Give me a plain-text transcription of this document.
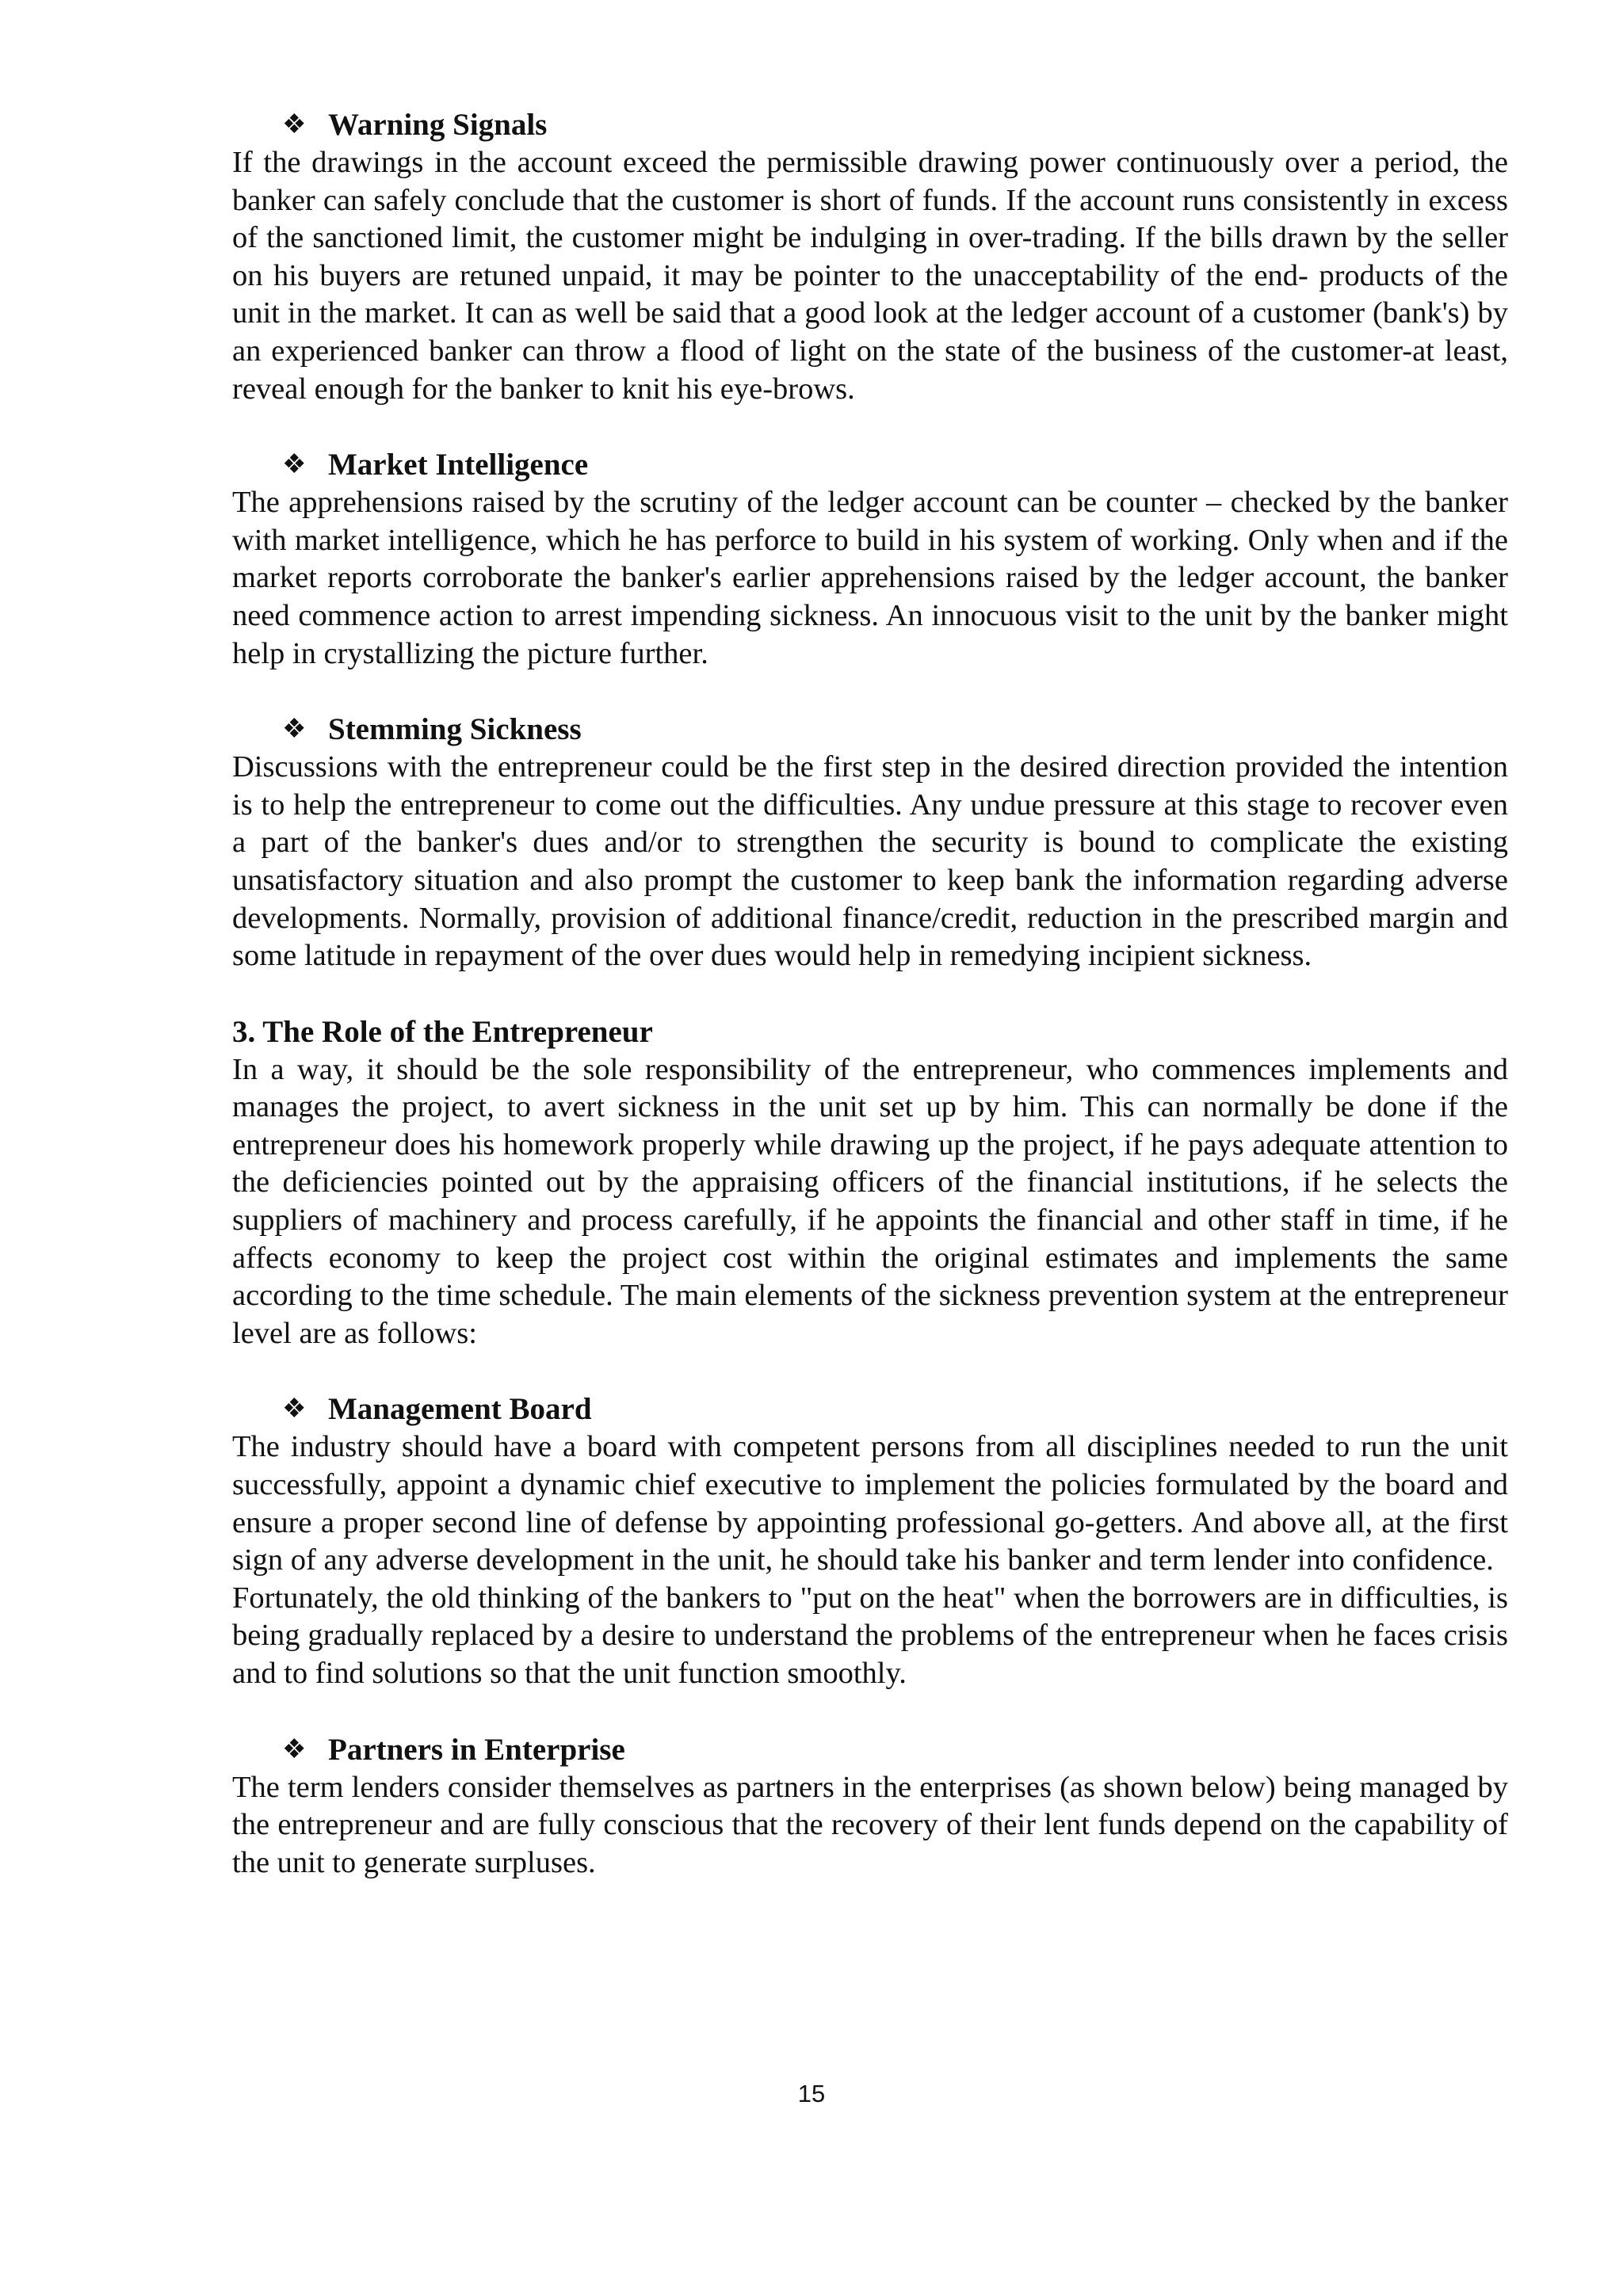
❖ Warning Signals

If the drawings in the account exceed the permissible drawing power continuously over a period, the banker can safely conclude that the customer is short of funds. If the account runs consistently in excess of the sanctioned limit, the customer might be indulging in over-trading. If the bills drawn by the seller on his buyers are retuned unpaid, it may be pointer to the unacceptability of the end- products of the unit in the market. It can as well be said that a good look at the ledger account of a customer (bank's) by an experienced banker can throw a flood of light on the state of the business of the customer-at least, reveal enough for the banker to knit his eye-brows.

❖ Market Intelligence

The apprehensions raised by the scrutiny of the ledger account can be counter – checked by the banker with market intelligence, which he has perforce to build in his system of working. Only when and if the market reports corroborate the banker's earlier apprehensions raised by the ledger account, the banker need commence action to arrest impending sickness. An innocuous visit to the unit by the banker might help in crystallizing the picture further.

❖ Stemming Sickness

Discussions with the entrepreneur could be the first step in the desired direction provided the intention is to help the entrepreneur to come out the difficulties. Any undue pressure at this stage to recover even a part of the banker's dues and/or to strengthen the security is bound to complicate the existing unsatisfactory situation and also prompt the customer to keep bank the information regarding adverse developments. Normally, provision of additional finance/credit, reduction in the prescribed margin and some latitude in repayment of the over dues would help in remedying incipient sickness.

3. The Role of the Entrepreneur

In a way, it should be the sole responsibility of the entrepreneur, who commences implements and manages the project, to avert sickness in the unit set up by him. This can normally be done if the entrepreneur does his homework properly while drawing up the project, if he pays adequate attention to the deficiencies pointed out by the appraising officers of the financial institutions, if he selects the suppliers of machinery and process carefully, if he appoints the financial and other staff in time, if he affects economy to keep the project cost within the original estimates and implements the same according to the time schedule. The main elements of the sickness prevention system at the entrepreneur level are as follows:

❖ Management Board

The industry should have a board with competent persons from all disciplines needed to run the unit successfully, appoint a dynamic chief executive to implement the policies formulated by the board and ensure a proper second line of defense by appointing professional go-getters. And above all, at the first sign of any adverse development in the unit, he should take his banker and term lender into confidence.

Fortunately, the old thinking of the bankers to "put on the heat" when the borrowers are in difficulties, is being gradually replaced by a desire to understand the problems of the entrepreneur when he faces crisis and to find solutions so that the unit function smoothly.

❖ Partners in Enterprise

The term lenders consider themselves as partners in the enterprises (as shown below) being managed by the entrepreneur and are fully conscious that the recovery of their lent funds depend on the capability of the unit to generate surpluses.

15
